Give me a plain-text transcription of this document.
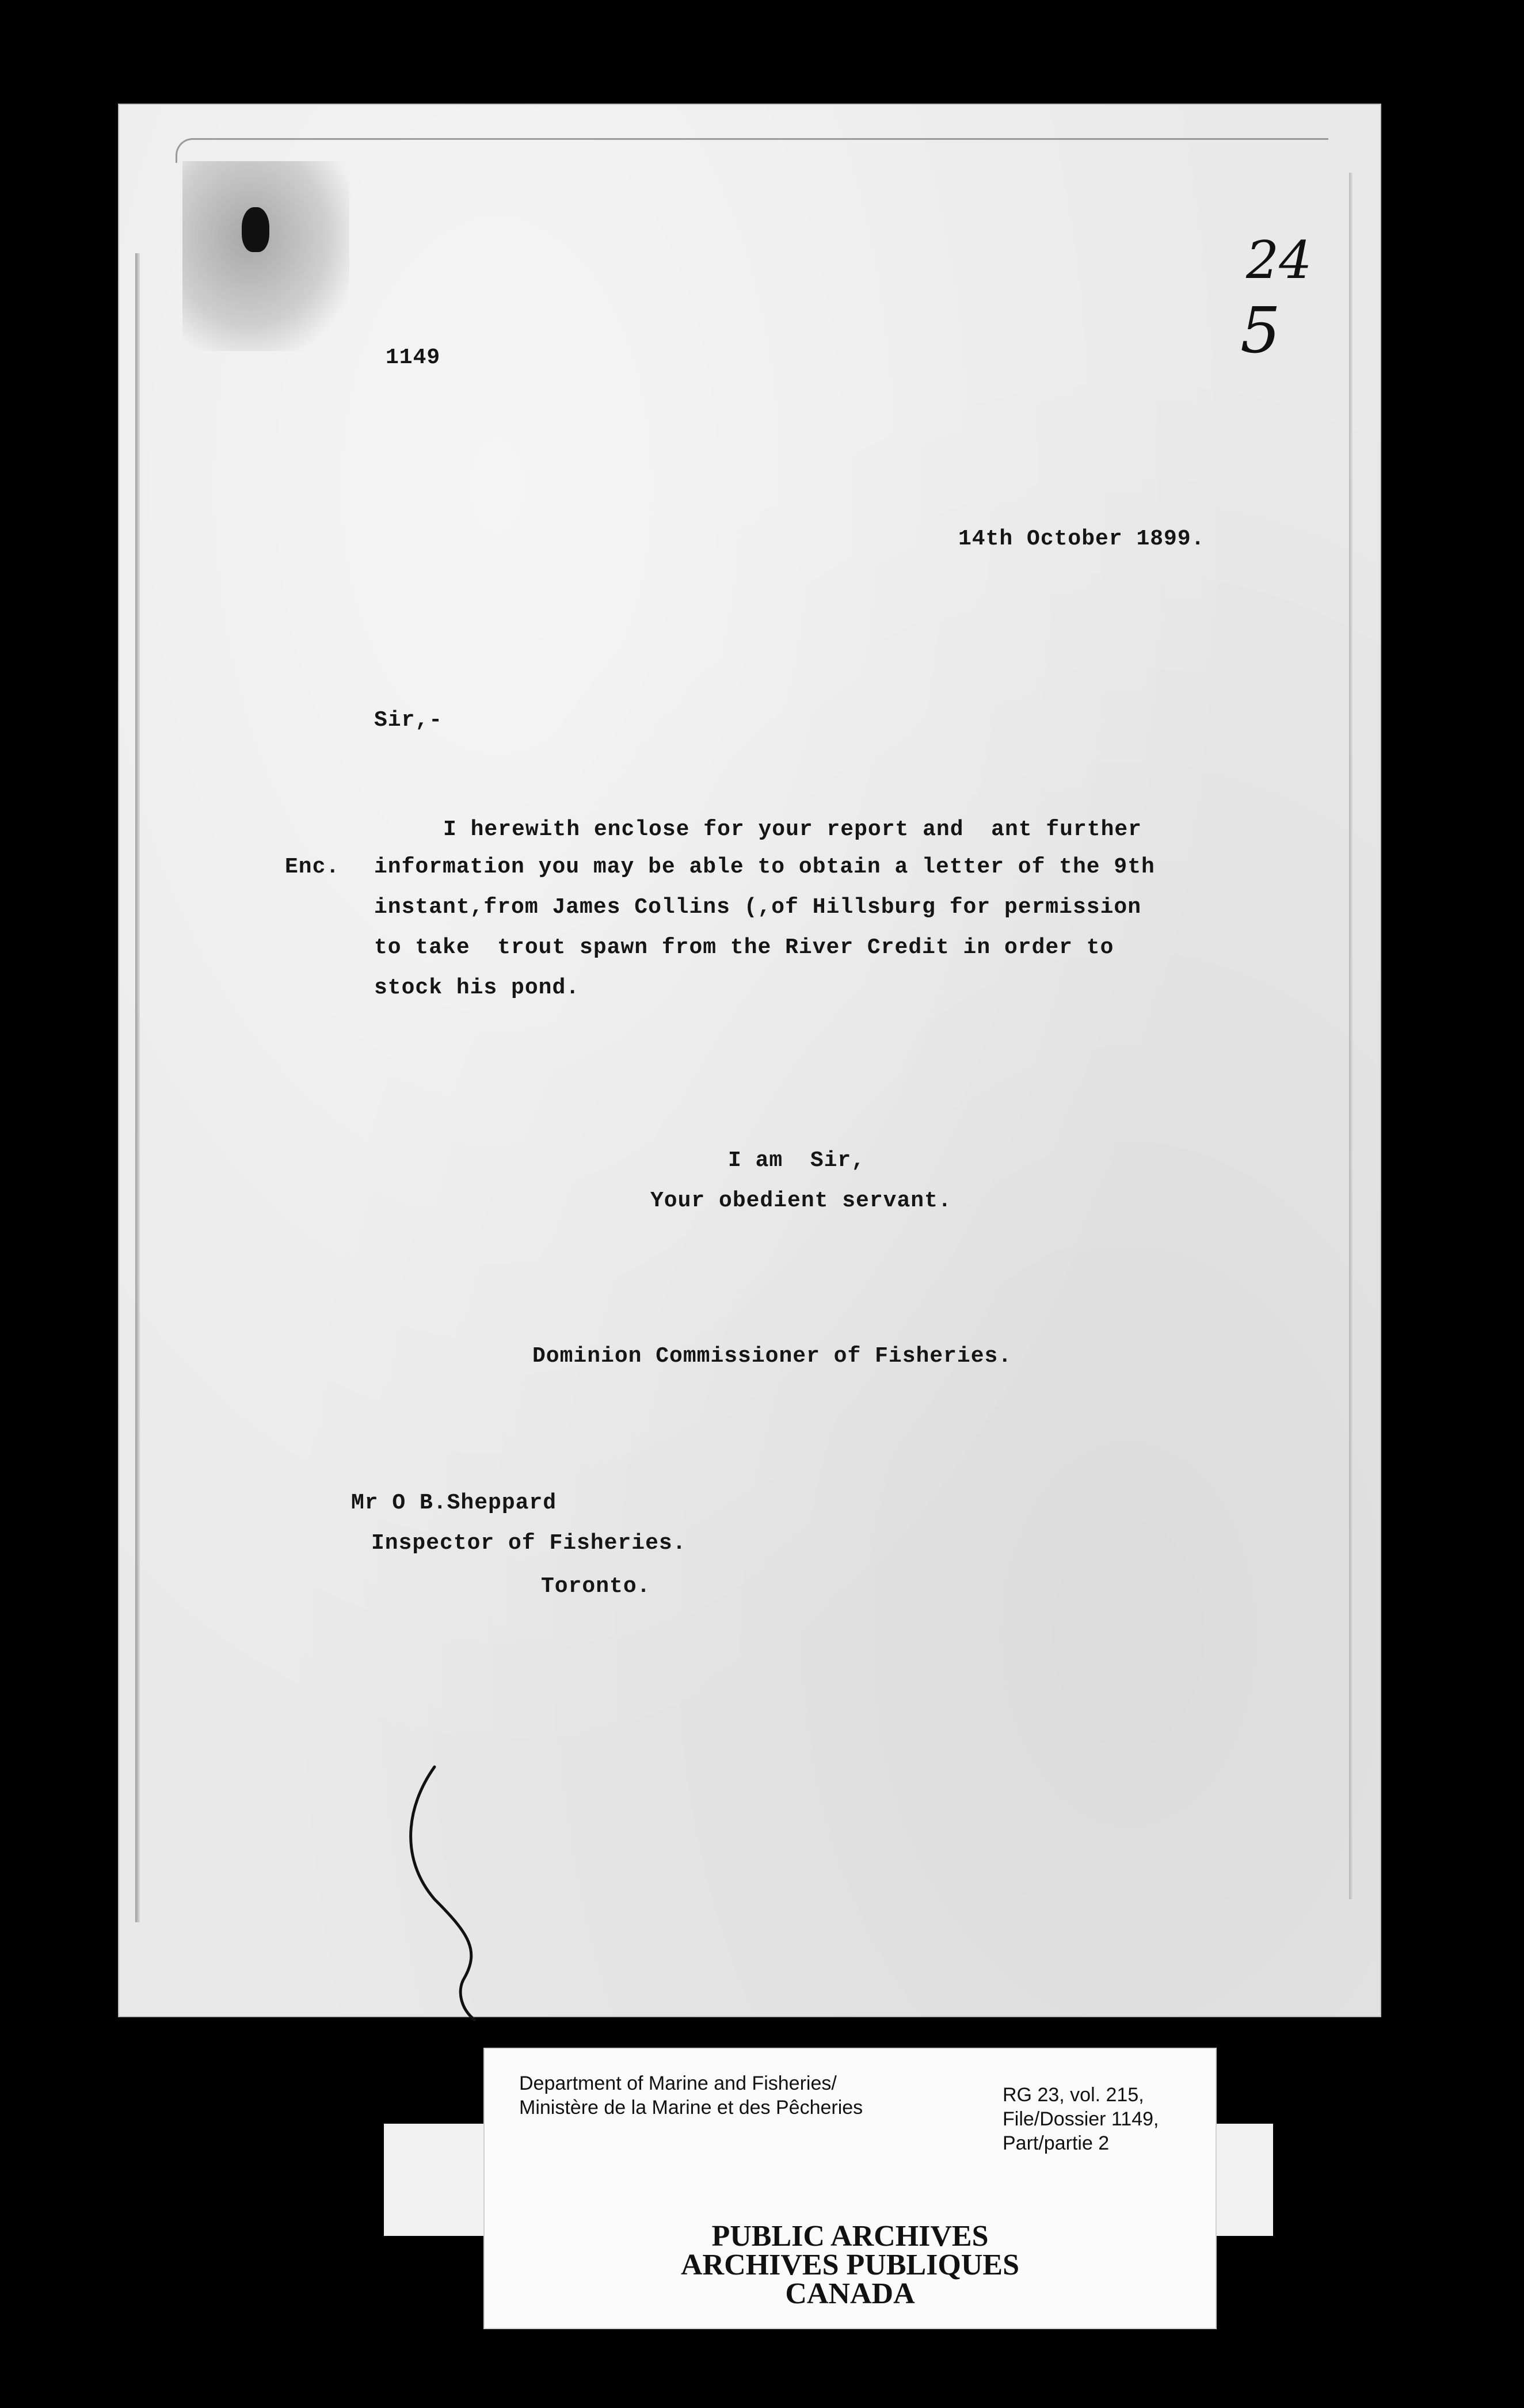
24
5
1149
14th October 1899.
Sir,-
Enc.
I herewith enclose for your report and  ant further
information you may be able to obtain a letter of the 9th
instant,from James Collins (,of Hillsburg for permission
to take  trout spawn from the River Credit in order to
stock his pond.
I am  Sir,
Your obedient servant.
Dominion Commissioner of Fisheries.
Mr O B.Sheppard
Inspector of Fisheries.
Toronto.
Department of Marine and Fisheries/
Ministère de la Marine et des Pêcheries
RG 23, vol. 215,
File/Dossier 1149,
Part/partie 2
PUBLIC ARCHIVES
ARCHIVES PUBLIQUES
CANADA
